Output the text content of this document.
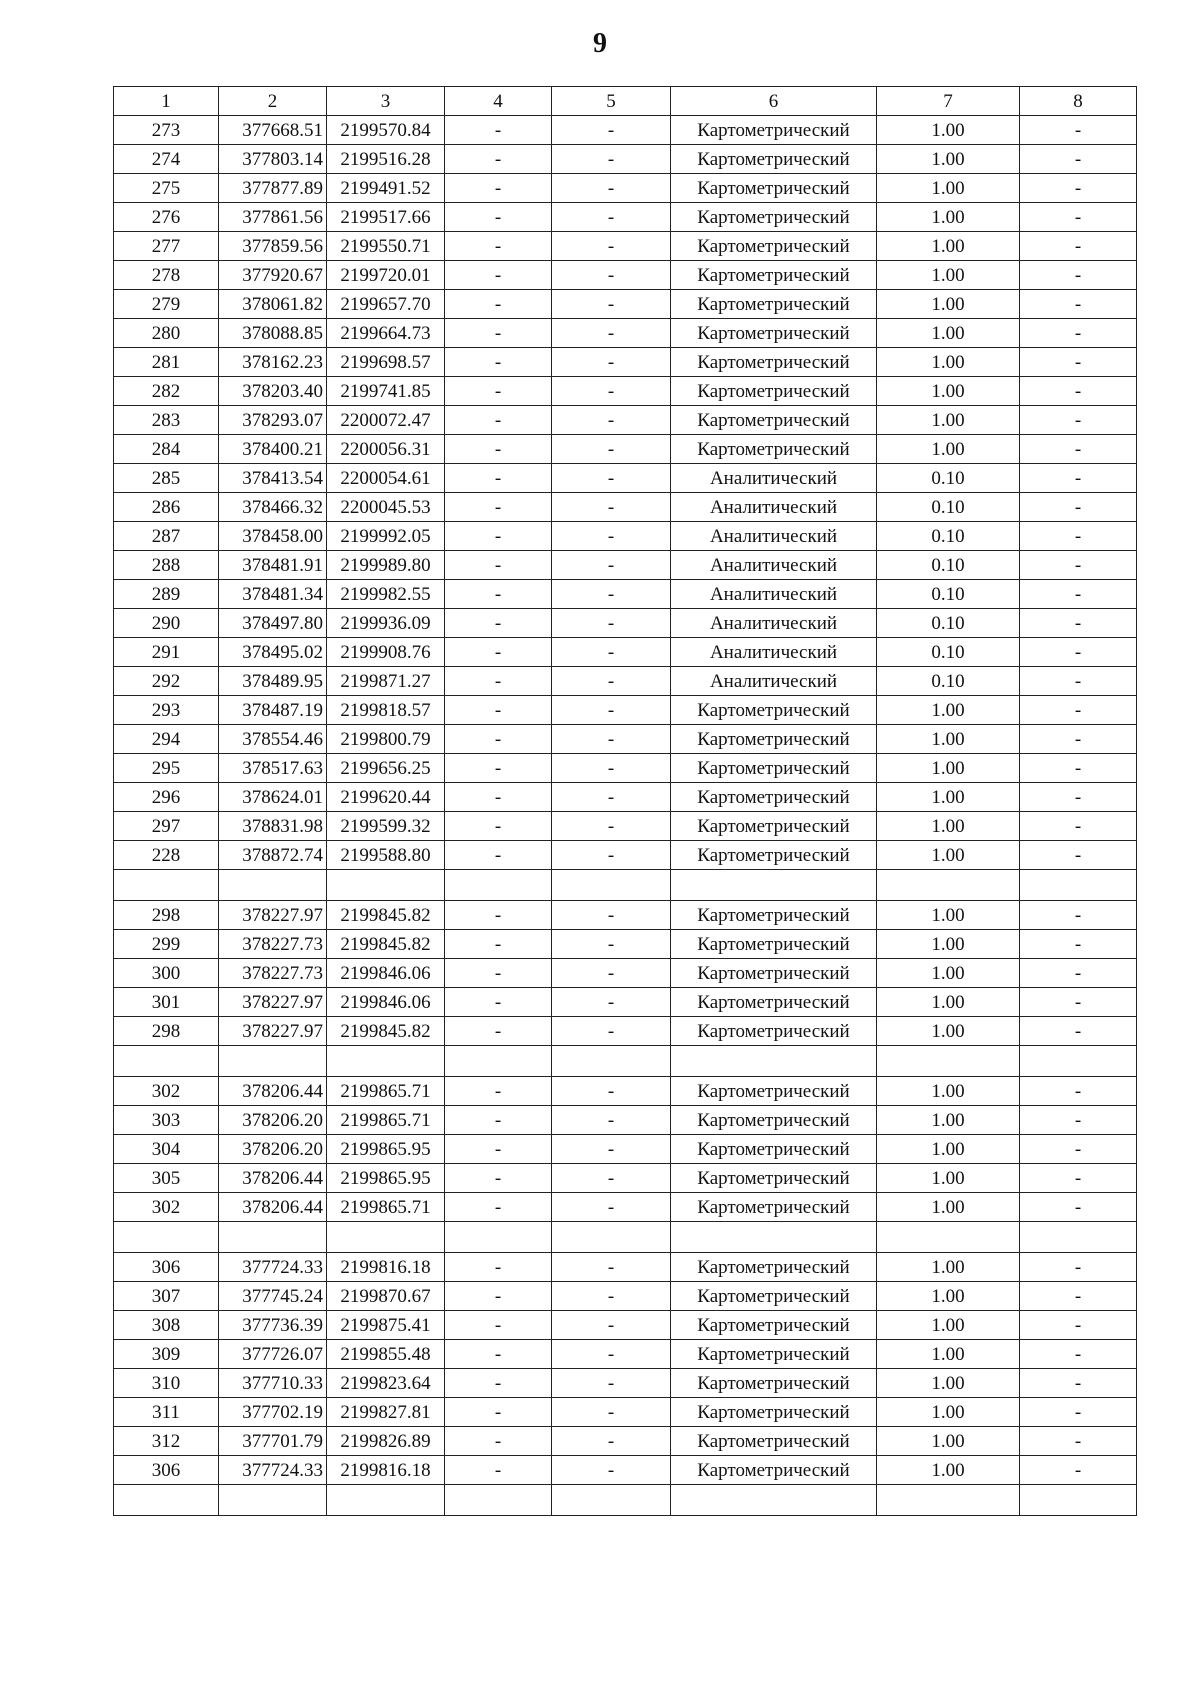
9
1	2	3	4	5	6	7	8
273	377668.51	2199570.84	-	-	Картометрический	1.00	-
274	377803.14	2199516.28	-	-	Картометрический	1.00	-
275	377877.89	2199491.52	-	-	Картометрический	1.00	-
276	377861.56	2199517.66	-	-	Картометрический	1.00	-
277	377859.56	2199550.71	-	-	Картометрический	1.00	-
278	377920.67	2199720.01	-	-	Картометрический	1.00	-
279	378061.82	2199657.70	-	-	Картометрический	1.00	-
280	378088.85	2199664.73	-	-	Картометрический	1.00	-
281	378162.23	2199698.57	-	-	Картометрический	1.00	-
282	378203.40	2199741.85	-	-	Картометрический	1.00	-
283	378293.07	2200072.47	-	-	Картометрический	1.00	-
284	378400.21	2200056.31	-	-	Картометрический	1.00	-
285	378413.54	2200054.61	-	-	Аналитический	0.10	-
286	378466.32	2200045.53	-	-	Аналитический	0.10	-
287	378458.00	2199992.05	-	-	Аналитический	0.10	-
288	378481.91	2199989.80	-	-	Аналитический	0.10	-
289	378481.34	2199982.55	-	-	Аналитический	0.10	-
290	378497.80	2199936.09	-	-	Аналитический	0.10	-
291	378495.02	2199908.76	-	-	Аналитический	0.10	-
292	378489.95	2199871.27	-	-	Аналитический	0.10	-
293	378487.19	2199818.57	-	-	Картометрический	1.00	-
294	378554.46	2199800.79	-	-	Картометрический	1.00	-
295	378517.63	2199656.25	-	-	Картометрический	1.00	-
296	378624.01	2199620.44	-	-	Картометрический	1.00	-
297	378831.98	2199599.32	-	-	Картометрический	1.00	-
228	378872.74	2199588.80	-	-	Картометрический	1.00	-

298	378227.97	2199845.82	-	-	Картометрический	1.00	-
299	378227.73	2199845.82	-	-	Картометрический	1.00	-
300	378227.73	2199846.06	-	-	Картометрический	1.00	-
301	378227.97	2199846.06	-	-	Картометрический	1.00	-
298	378227.97	2199845.82	-	-	Картометрический	1.00	-

302	378206.44	2199865.71	-	-	Картометрический	1.00	-
303	378206.20	2199865.71	-	-	Картометрический	1.00	-
304	378206.20	2199865.95	-	-	Картометрический	1.00	-
305	378206.44	2199865.95	-	-	Картометрический	1.00	-
302	378206.44	2199865.71	-	-	Картометрический	1.00	-

306	377724.33	2199816.18	-	-	Картометрический	1.00	-
307	377745.24	2199870.67	-	-	Картометрический	1.00	-
308	377736.39	2199875.41	-	-	Картометрический	1.00	-
309	377726.07	2199855.48	-	-	Картометрический	1.00	-
310	377710.33	2199823.64	-	-	Картометрический	1.00	-
311	377702.19	2199827.81	-	-	Картометрический	1.00	-
312	377701.79	2199826.89	-	-	Картометрический	1.00	-
306	377724.33	2199816.18	-	-	Картометрический	1.00	-
